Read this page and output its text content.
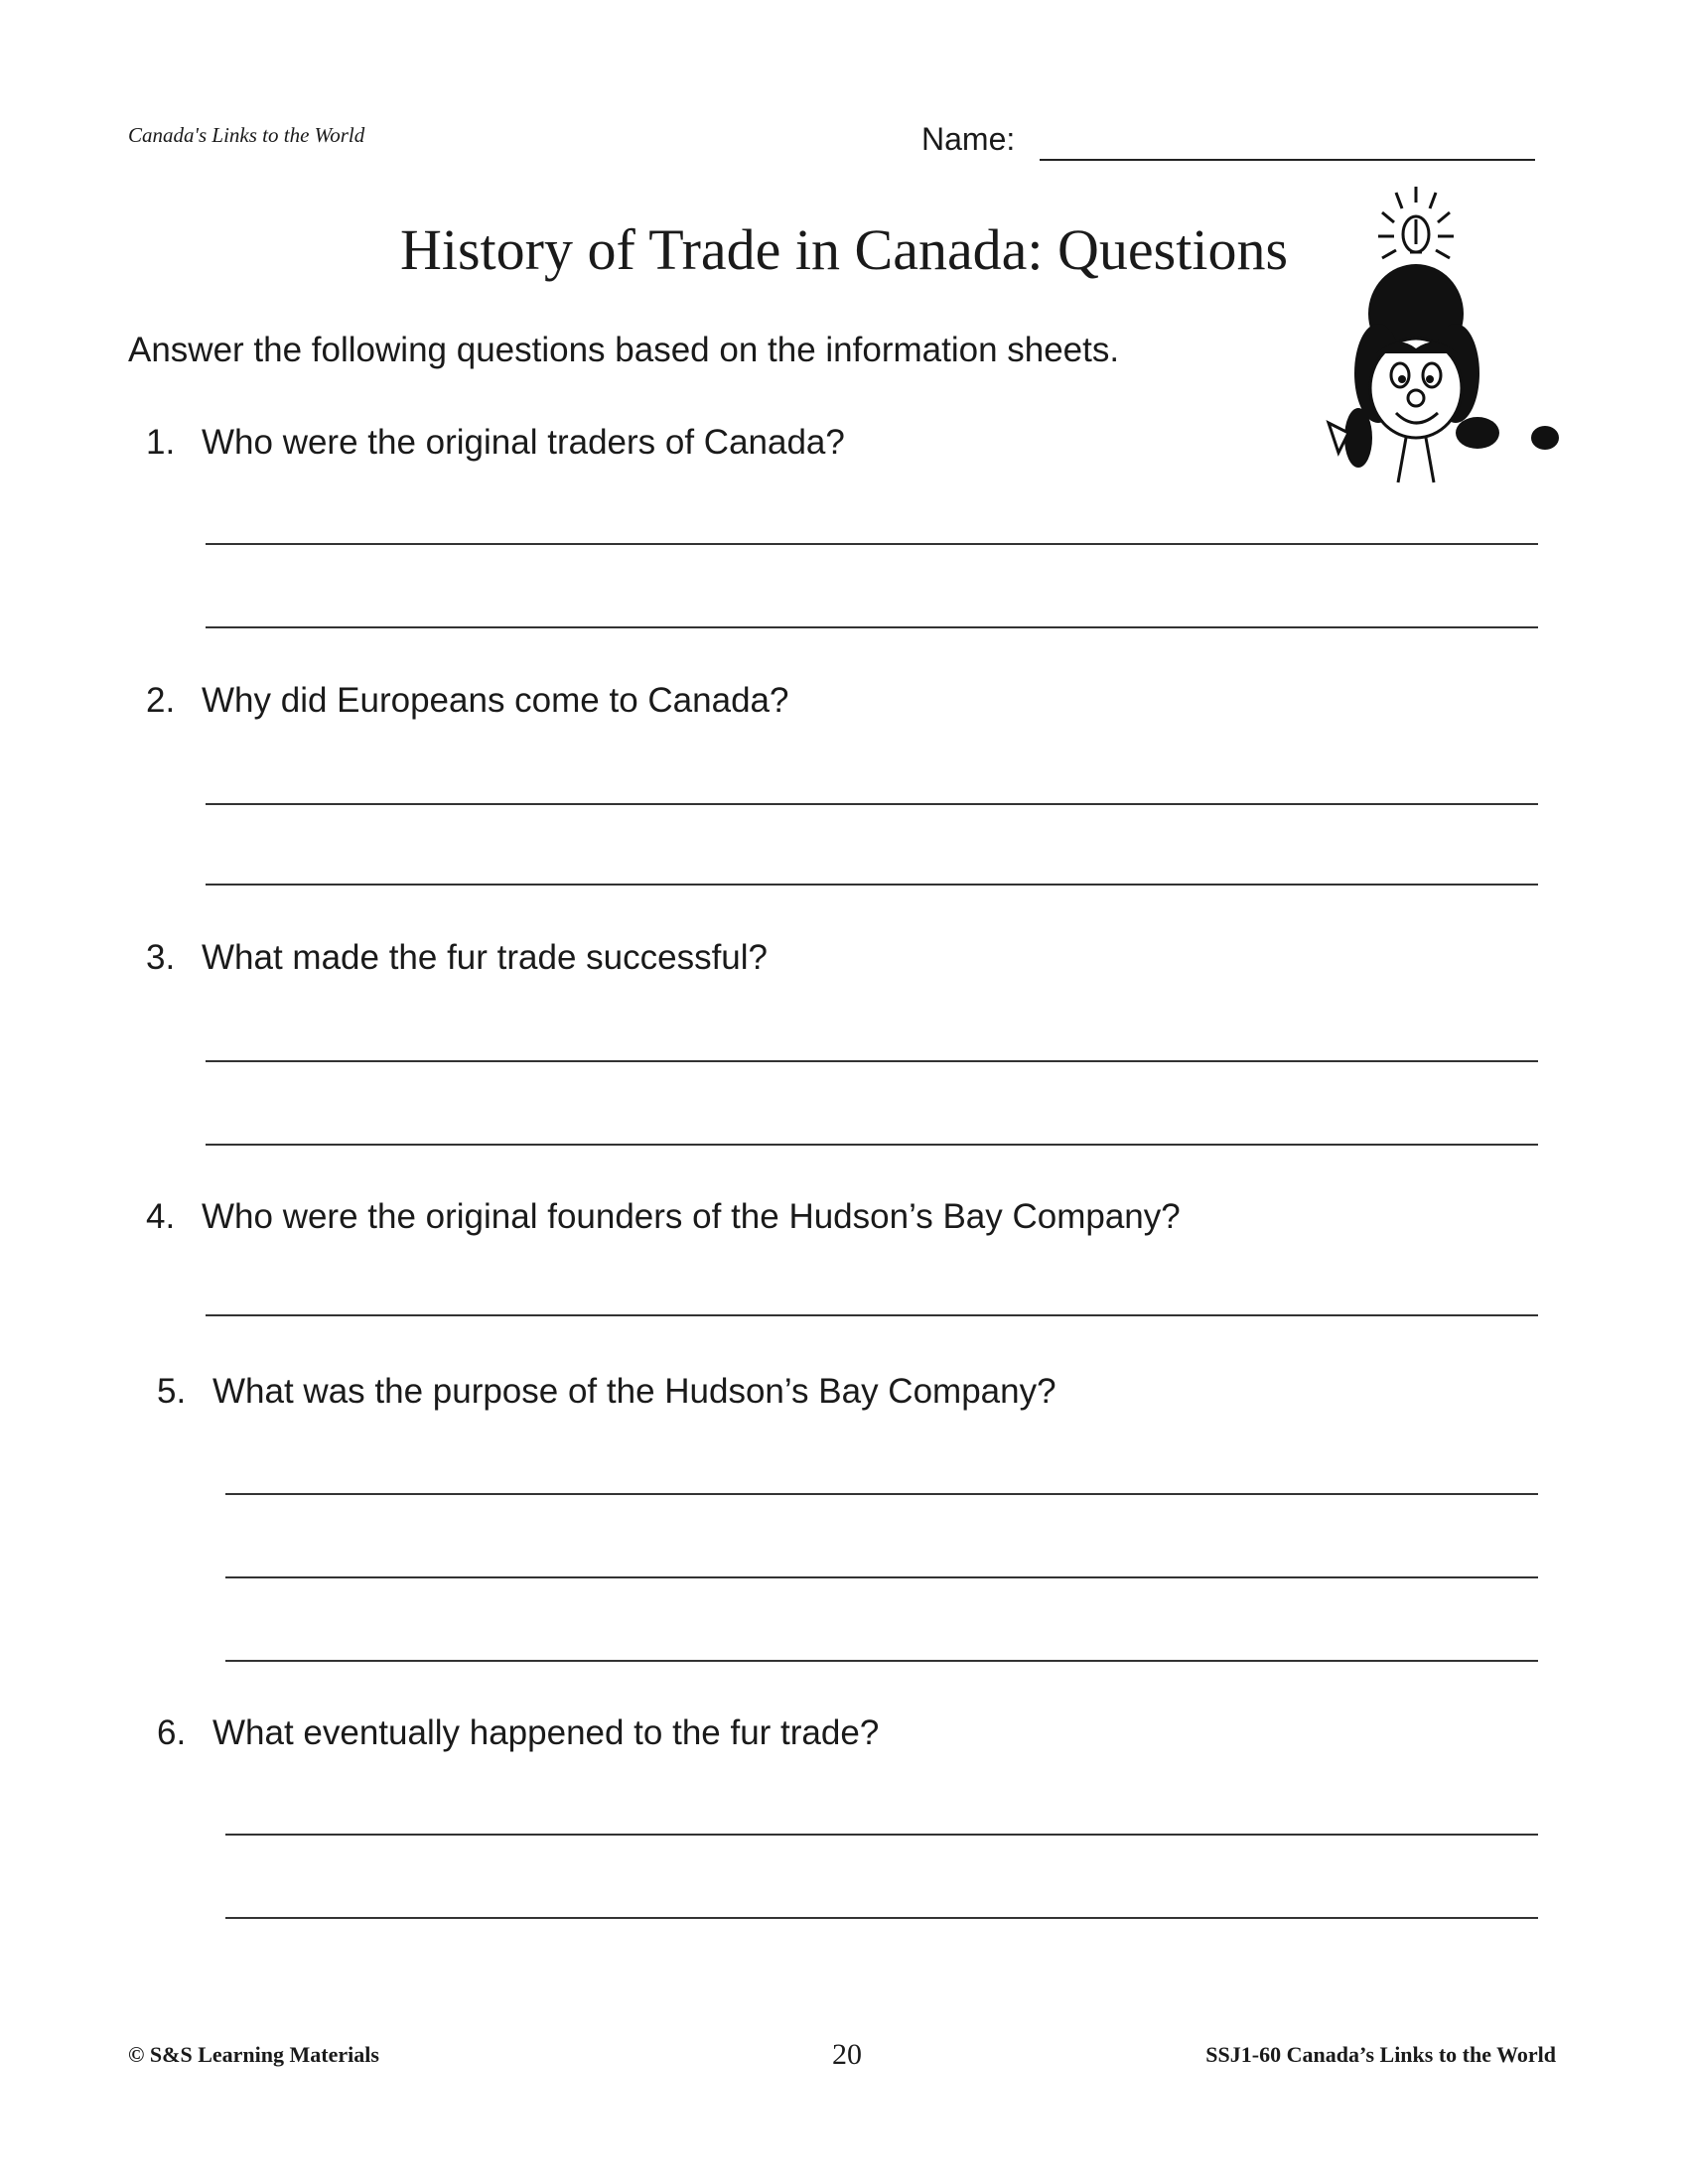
Canada's Links to the World	Name:
History of Trade in Canada: Questions
Answer the following questions based on the information sheets.
1. Who were the original traders of Canada?
2. Why did Europeans come to Canada?
3. What made the fur trade successful?
4. Who were the original founders of the Hudson’s Bay Company?
5. What was the purpose of the Hudson’s Bay Company?
6. What eventually happened to the fur trade?
© S&S Learning Materials	20	SSJ1-60 Canada’s Links to the World
